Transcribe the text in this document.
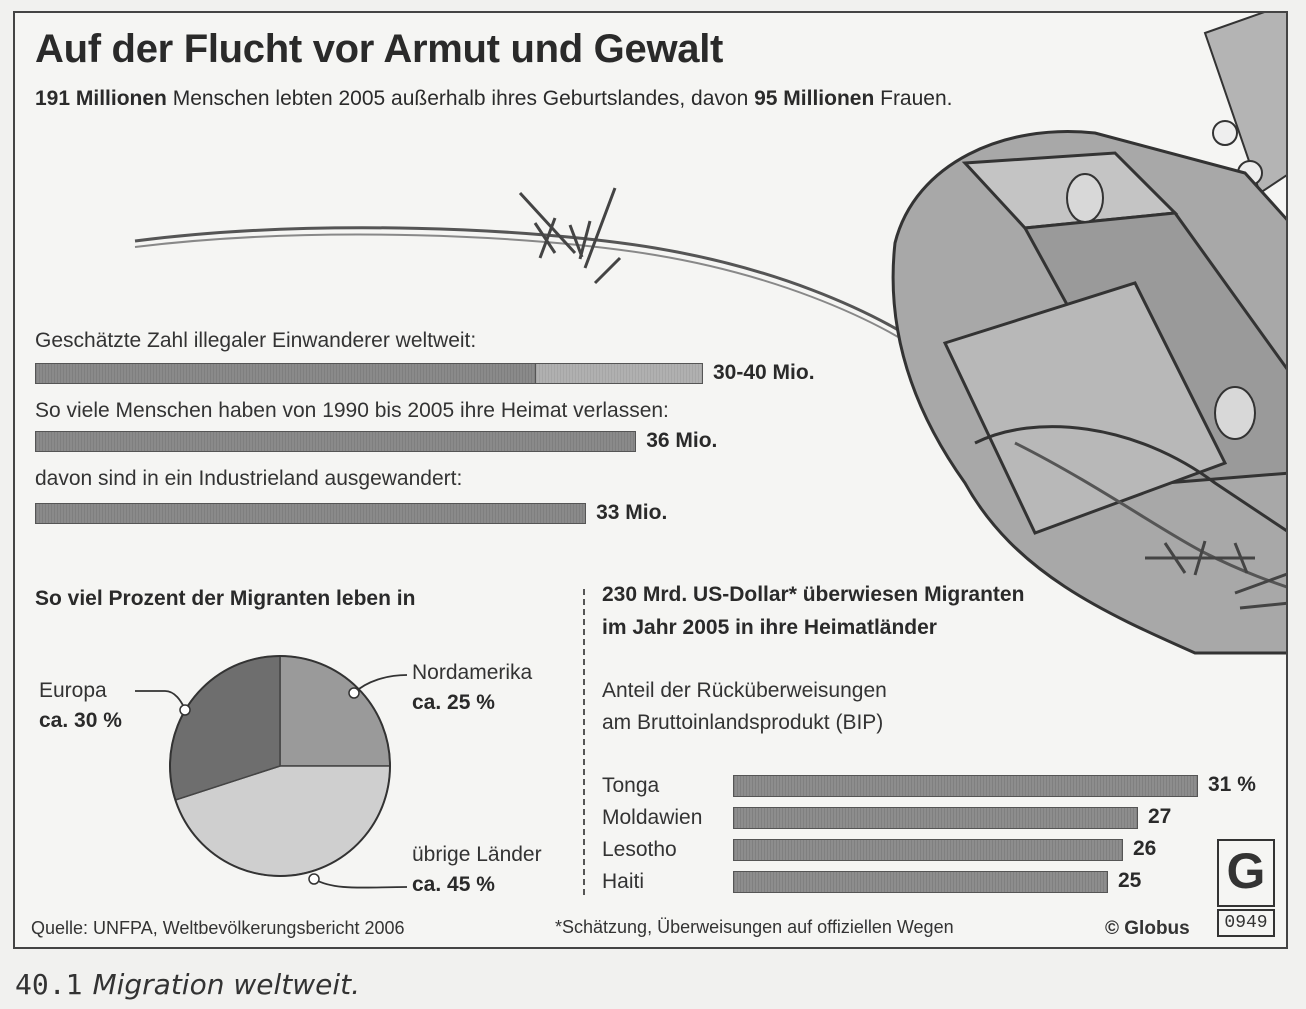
Auf der Flucht vor Armut und Gewalt
191 Millionen Menschen lebten 2005 außerhalb ihres Geburtslandes, davon 95 Millionen Frauen.
Geschätzte Zahl illegaler Einwanderer weltweit:
30-40 Mio.
So viele Menschen haben von 1990 bis 2005 ihre Heimat verlassen:
36 Mio.
davon sind in ein Industrieland ausgewandert:
33 Mio.
So viel Prozent der Migranten leben in
Nordamerika
ca. 25 %
Europa
ca. 30 %
übrige Länder
ca. 45 %
230 Mrd. US-Dollar* überwiesen Migranten
im Jahr 2005 in ihre Heimatländer
Anteil der Rücküberweisungen
am Bruttoinlandsprodukt (BIP)
Tonga
Moldawien
Lesotho
Haiti
31 %
27
26
25
Quelle: UNFPA, Weltbevölkerungsbericht 2006	*Schätzung, Überweisungen auf offiziellen Wegen	© Globus
G
0949
40.1 Migration weltweit.
